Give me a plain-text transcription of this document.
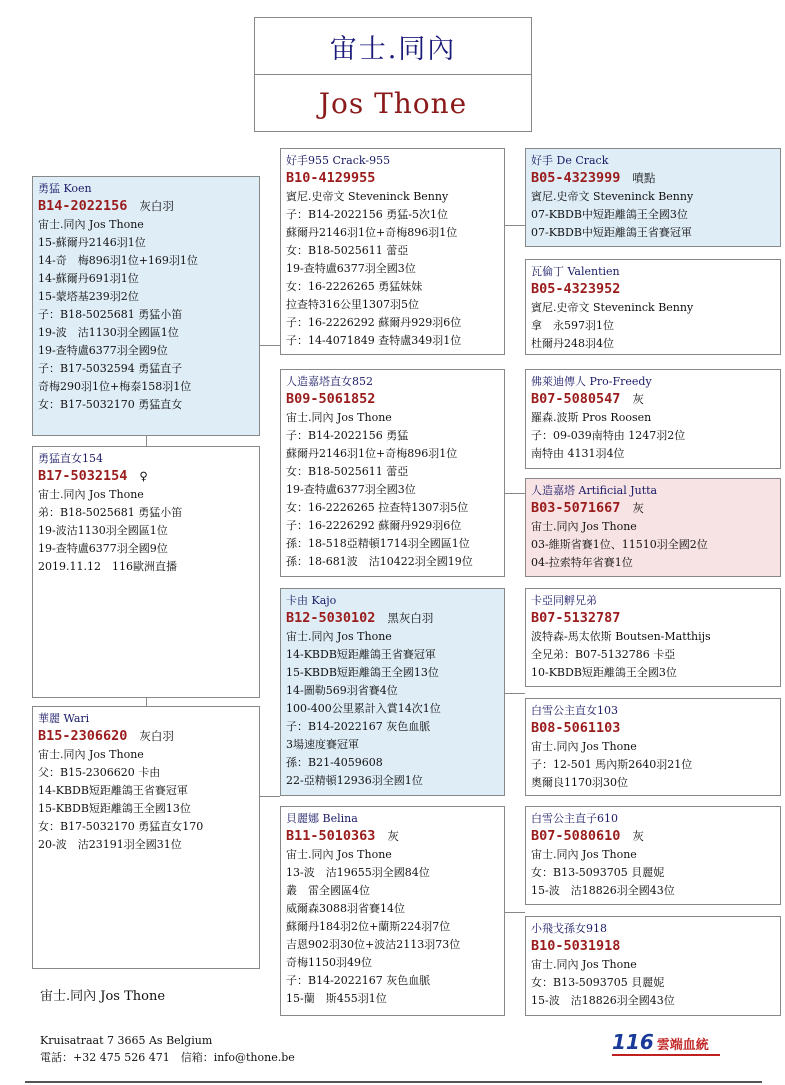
宙士.同內
Jos Thone
勇猛 Koen
B14-2022156 灰白羽
宙士.同內 Jos Thone
15-蘇爾丹2146羽1位
14-奇　梅896羽1位+169羽1位
14-蘇爾丹691羽1位
15-蒙塔基239羽2位
子：B18-5025681 勇猛小笛
19-波　沽1130羽全國區1位
19-查特盧6377羽全國9位
子：B17-5032594 勇猛直子
奇梅290羽1位+梅泰158羽1位
女：B17-5032170 勇猛直女
勇猛直女154
B17-5032154 ♀
宙士.同內 Jos Thone
弟：B18-5025681 勇猛小笛
19-波沽1130羽全國區1位
19-查特盧6377羽全國9位
2019.11.12　116歐洲直播
華麗 Wari
B15-2306620 灰白羽
宙士.同內 Jos Thone
父：B15-2306620 卡由
14-KBDB短距離鴿王省賽冠軍
15-KBDB短距離鴿王全國13位
女：B17-5032170 勇猛直女170
20-波　沽23191羽全國31位
好手955 Crack-955
B10-4129955
賓尼.史帝文 Steveninck Benny
子：B14-2022156 勇猛-5次1位
蘇爾丹2146羽1位+奇梅896羽1位
女：B18-5025611 蕾亞
19-查特盧6377羽全國3位
女：16-2226265 勇猛妹妹
拉查特316公里1307羽5位
子：16-2226292 蘇爾丹929羽6位
子：14-4071849 查特盧349羽1位
人造嘉塔直女852
B09-5061852
宙士.同內 Jos Thone
子：B14-2022156 勇猛
蘇爾丹2146羽1位+奇梅896羽1位
女：B18-5025611 蕾亞
19-查特盧6377羽全國3位
女：16-2226265 拉查特1307羽5位
子：16-2226292 蘇爾丹929羽6位
孫：18-518亞精頓1714羽全國區1位
孫：18-681波　沽10422羽全國19位
卡由 Kajo
B12-5030102 黑灰白羽
宙士.同內 Jos Thone
14-KBDB短距離鴿王省賽冠軍
15-KBDB短距離鴿王全國13位
14-圖勒569羽省賽4位
100-400公里累計入賞14次1位
子：B14-2022167 灰色血脈
3場速度賽冠軍
孫：B21-4059608
22-亞精頓12936羽全國1位
貝麗娜 Belina
B11-5010363 灰
宙士.同內 Jos Thone
13-波　沽19655羽全國84位
叢　雷全國區4位
威爾森3088羽省賽14位
蘇爾丹184羽2位+蘭斯224羽7位
吉恩902羽30位+波沽2113羽73位
奇梅1150羽49位
子：B14-2022167 灰色血脈
15-蘭　斯455羽1位
好手 De Crack
B05-4323999 噴點
賓尼.史帝文 Steveninck Benny
07-KBDB中短距離鴿王全國3位
07-KBDB中短距離鴿王省賽冠軍
瓦倫丁 Valentien
B05-4323952
賓尼.史帝文 Steveninck Benny
拿　永597羽1位
杜爾丹248羽4位
佛萊迪傳人 Pro-Freedy
B07-5080547 灰
羅森.波斯 Pros Roosen
子：09-039南特由 1247羽2位
南特由 4131羽4位
人造嘉塔 Artificial Jutta
B03-5071667 灰
宙士.同內 Jos Thone
03-維斯省賽1位、11510羽全國2位
04-拉索特年省賽1位
卡亞同孵兄弟
B07-5132787
波特森-馬太依斯 Boutsen-Matthijs
全兄弟：B07-5132786 卡亞
10-KBDB短距離鴿王全國3位
白雪公主直女103
B08-5061103
宙士.同內 Jos Thone
子：12-501 馬內斯2640羽21位
奧爾良1170羽30位
白雪公主直子610
B07-5080610 灰
宙士.同內 Jos Thone
女：B13-5093705 貝麗妮
15-波　沽18826羽全國43位
小飛戈孫女918
B10-5031918
宙士.同內 Jos Thone
女：B13-5093705 貝麗妮
15-波　沽18826羽全國43位
宙士.同內 Jos Thone
Kruisatraat 7 3665 As Belgium
電話：+32 475 526 471　信箱：info@thone.be
116 雲端血統
